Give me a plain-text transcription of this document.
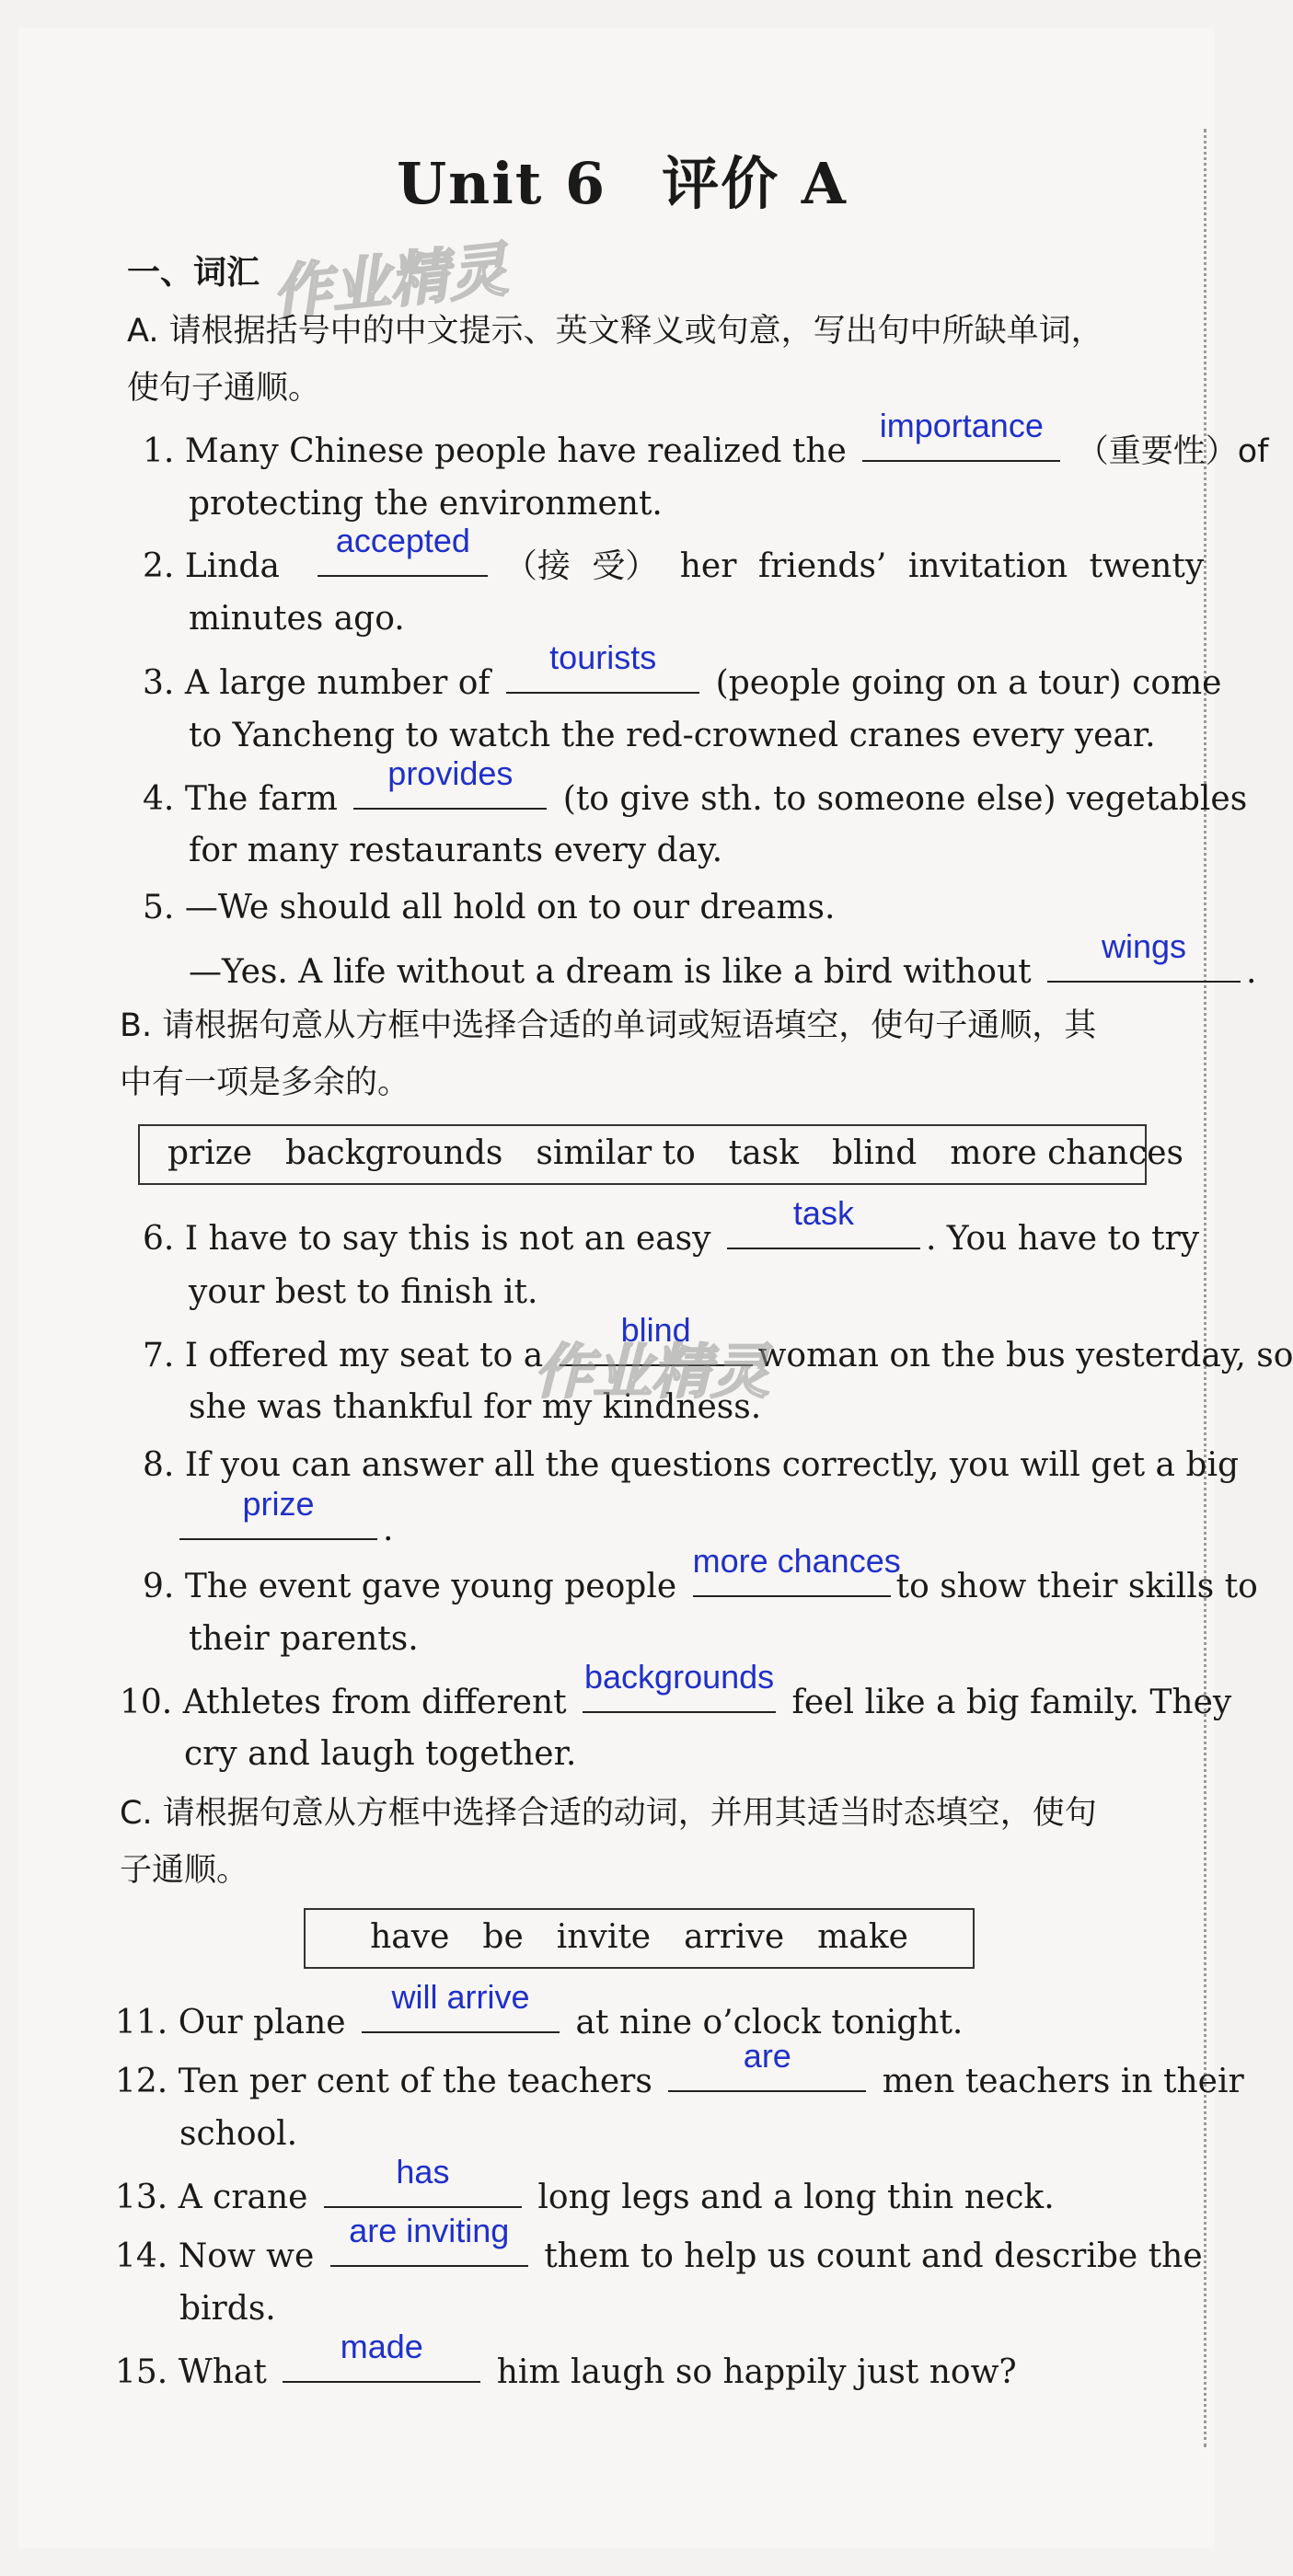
Unit 6 评价 A
一、词汇
A. 请根据括号中的中文提示、英文释义或句意，写出句中所缺单词，
使句子通顺。
1. Many Chinese people have realized the
importance
（重要性）of
protecting the environment.
2. Linda
accepted
（接 受） her friends’ invitation twenty
minutes ago.
3. A large number of
tourists
(people going on a tour) come
to Yancheng to watch the red-crowned cranes every year.
4. The farm
provides
(to give sth. to someone else) vegetables
for many restaurants every day.
5. —We should all hold on to our dreams.
—Yes. A life without a dream is like a bird without
wings
.
B. 请根据句意从方框中选择合适的单词或短语填空，使句子通顺，其
中有一项是多余的。
prize backgrounds similar to task blind more chances
6. I have to say this is not an easy
task
. You have to try
your best to finish it.
7. I offered my seat to a
blind
woman on the bus yesterday, so
she was thankful for my kindness.
8. If you can answer all the questions correctly, you will get a big
prize
.
9. The event gave young people
more chances
to show their skills to
their parents.
10. Athletes from different
backgrounds
feel like a big family. They
cry and laugh together.
C. 请根据句意从方框中选择合适的动词，并用其适当时态填空，使句
子通顺。
have be invite arrive make
11. Our plane
will arrive
at nine o’clock tonight.
12. Ten per cent of the teachers
are
men teachers in their
school.
13. A crane
has
long legs and a long thin neck.
14. Now we
are inviting
them to help us count and describe the
birds.
15. What
made
him laugh so happily just now?
